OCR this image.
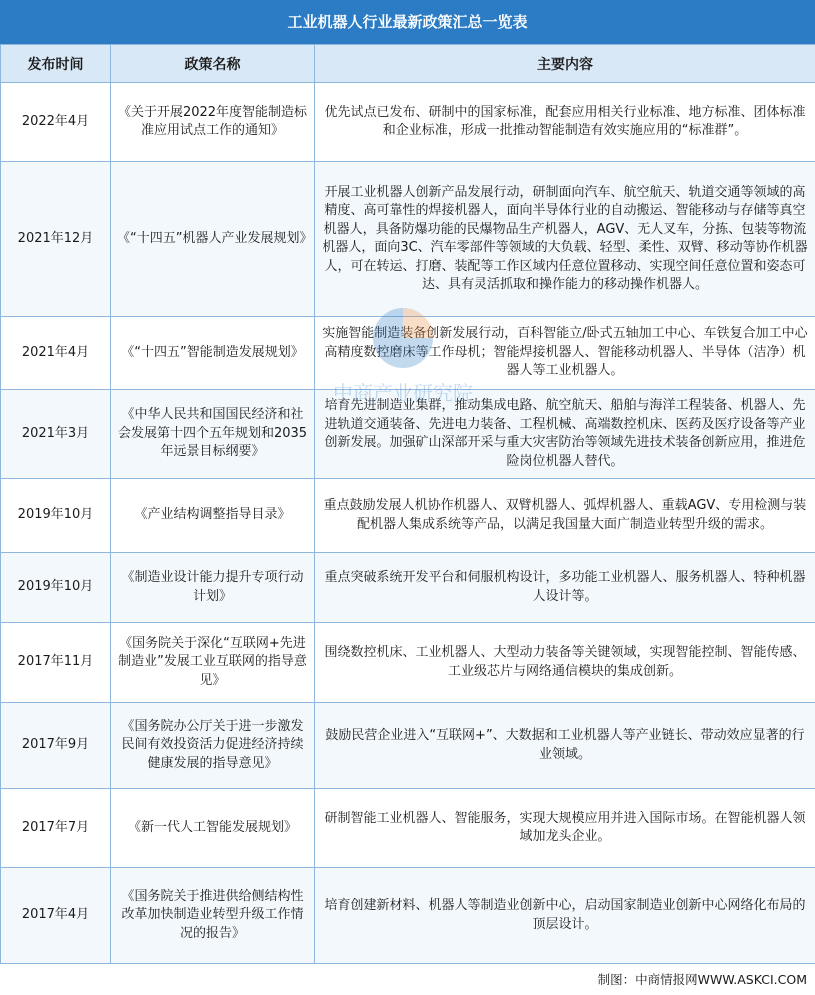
工业机器人行业最新政策汇总一览表
发布时间	政策名称	主要内容
2022年4月	《关于开展2022年度智能制造标准应用试点工作的通知》	优先试点已发布、研制中的国家标准，配套应用相关行业标准、地方标准、团体标准和企业标准，形成一批推动智能制造有效实施应用的“标准群”。
2021年12月	《“十四五”机器人产业发展规划》	开展工业机器人创新产品发展行动，研制面向汽车、航空航天、轨道交通等领域的高精度、高可靠性的焊接机器人，面向半导体行业的自动搬运、智能移动与存储等真空机器人，具备防爆功能的民爆物品生产机器人，AGV、无人叉车，分拣、包装等物流机器人，面向3C、汽车零部件等领域的大负载、轻型、柔性、双臂、移动等协作机器人，可在转运、打磨、装配等工作区域内任意位置移动、实现空间任意位置和姿态可达、具有灵活抓取和操作能力的移动操作机器人。
2021年4月	《“十四五”智能制造发展规划》	实施智能制造装备创新发展行动，百科智能立/卧式五轴加工中心、车铁复合加工中心高精度数控磨床等工作母机；智能焊接机器人、智能移动机器人、半导体（洁净）机器人等工业机器人。
2021年3月	《中华人民共和国国民经济和社会发展第十四个五年规划和2035年远景目标纲要》	培育先进制造业集群，推动集成电路、航空航天、船舶与海洋工程装备、机器人、先进轨道交通装备、先进电力装备、工程机械、高端数控机床、医药及医疗设备等产业创新发展。加强矿山深部开采与重大灾害防治等领域先进技术装备创新应用，推进危险岗位机器人替代。
2019年10月	《产业结构调整指导目录》	重点鼓励发展人机协作机器人、双臂机器人、弧焊机器人、重载AGV、专用检测与装配机器人集成系统等产品，以满足我国量大面广制造业转型升级的需求。
2019年10月	《制造业设计能力提升专项行动计划》	重点突破系统开发平台和伺服机构设计，多功能工业机器人、服务机器人、特种机器人设计等。
2017年11月	《国务院关于深化“互联网+先进制造业”发展工业互联网的指导意见》	围绕数控机床、工业机器人、大型动力装备等关键领域，实现智能控制、智能传感、工业级芯片与网络通信模块的集成创新。
2017年9月	《国务院办公厅关于进一步激发民间有效投资活力促进经济持续健康发展的指导意见》	鼓励民营企业进入“互联网+”、大数据和工业机器人等产业链长、带动效应显著的行业领域。
2017年7月	《新一代人工智能发展规划》	研制智能工业机器人、智能服务，实现大规模应用并进入国际市场。在智能机器人领域加龙头企业。
2017年4月	《国务院关于推进供给侧结构性改革加快制造业转型升级工作情况的报告》	培育创建新材料、机器人等制造业创新中心，启动国家制造业创新中心网络化布局的顶层设计。
中商产业研究院
制图：中商情报网WWW.ASKCI.COM
